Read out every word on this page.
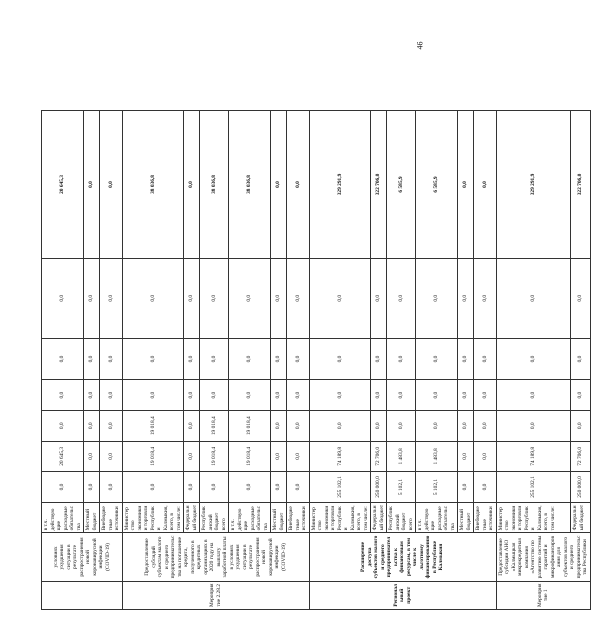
	условиях ухудшения ситуации в результате распространения новой коронавирусной инфекции (COVID-19)	в т.ч. действующие расходные обязательства	0,0	20 645,3	0,0	0,0	0,0	0,0	20 645,3
		Местный бюджет	0,0	0,0	0,0	0,0	0,0	0,0	0,0
		Внебюджетные источники	0,0	0,0	0,0	0,0	0,0	0,0	0,0
Мероприятие 2.28.2	Предоставление субсидий субъектам малого и среднего предпринимательства на погашение кредита, полученного в кредитных организациях в 2020 году на выплату заработной платы в условиях ухудшения ситуации в результате распространения новой коронавирусной инфекции (COVID-19)	Министерство экономики и торговли Республики Калмыкия, всего, в том числе:	0,0	19 018,4	19 018,4	0,0	0,0	0,0	38 036,8
		Федеральный бюджет	0,0	0,0	0,0	0,0	0,0	0,0	0,0
		Республиканский бюджет всего	0,0	19 018,4	19 018,4	0,0	0,0	0,0	38 036,8
		в т.ч. действующие расходные обязательства	0,0	19 018,4	19 018,4	0,0	0,0	0,0	38 036,8
		Местный бюджет	0,0	0,0	0,0	0,0	0,0	0,0	0,0
		Внебюджетные источники	0,0	0,0	0,0	0,0	0,0	0,0	0,0
Региональный проект	Расширение доступа субъектов малого и среднего предпринимательства к финансовым ресурсам, в том числе к льготному финансированию в Республике Калмыкия	Министерство экономики и торговли Республики Калмыкия, всего, в том числе:	255 102,1	74 189,8	0,0	0,0	0,0	0,0	329 291,9
		Федеральный бюджет	250 000,0	72 706,0	0,0	0,0	0,0	0,0	322 706,0
		Республиканский бюджет всего	5 102,1	1 483,8	0,0	0,0	0,0	0,0	6 585,9
		в т.ч. действующие расходные обязательства	5 102,1	1 483,8	0,0	0,0	0,0	0,0	6 585,9
		Местный бюджет	0,0	0,0	0,0	0,0	0,0	0,0	0,0
		Внебюджетные источники	0,0	0,0	0,0	0,0	0,0	0,0	0,0
Мероприятие 1	Предоставление субсидии АНО «Калмыцкая микрокредитная компания «Агентство по развитию системы гарантий и микрофинансирования для субъектов малого и среднего предпринимательства Республики	Министерство экономики и торговли Республики Калмыкия, всего, в том числе:	255 102,1	74 189,8	0,0	0,0	0,0	0,0	329 291,9
		Федеральный бюджет	250 000,0	72 706,0	0,0	0,0	0,0	0,0	322 706,0
46
